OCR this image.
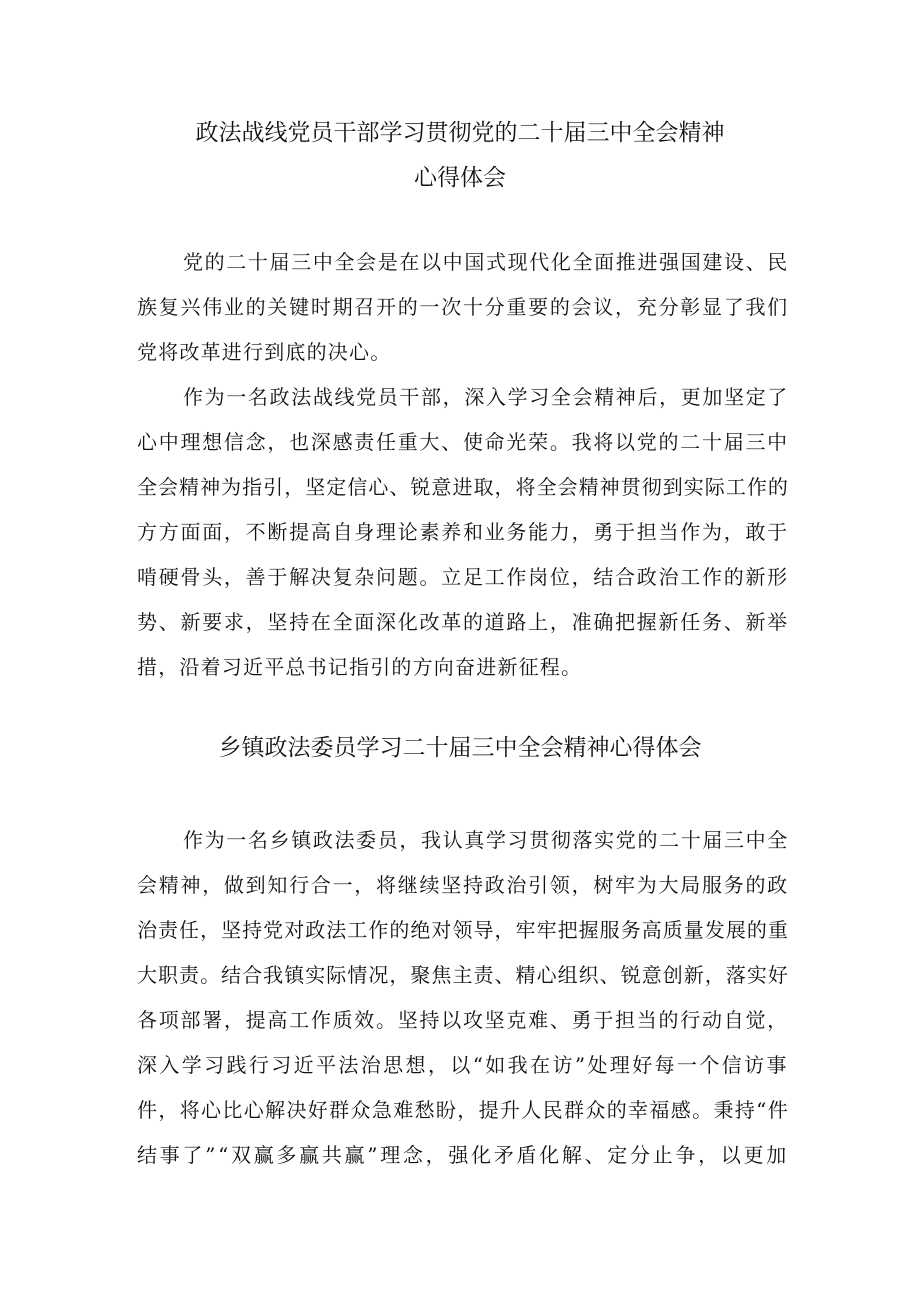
政法战线党员干部学习贯彻党的二十届三中全会精神
心得体会
党的二十届三中全会是在以中国式现代化全面推进强国建设、民
族复兴伟业的关键时期召开的一次十分重要的会议，充分彰显了我们
党将改革进行到底的决心。
作为一名政法战线党员干部，深入学习全会精神后，更加坚定了
心中理想信念，也深感责任重大、使命光荣。我将以党的二十届三中
全会精神为指引，坚定信心、锐意进取，将全会精神贯彻到实际工作的
方方面面，不断提高自身理论素养和业务能力，勇于担当作为，敢于
啃硬骨头，善于解决复杂问题。立足工作岗位，结合政治工作的新形
势、新要求，坚持在全面深化改革的道路上，准确把握新任务、新举
措，沿着习近平总书记指引的方向奋进新征程。
乡镇政法委员学习二十届三中全会精神心得体会
作为一名乡镇政法委员，我认真学习贯彻落实党的二十届三中全
会精神，做到知行合一，将继续坚持政治引领，树牢为大局服务的政
治责任，坚持党对政法工作的绝对领导，牢牢把握服务高质量发展的重
大职责。结合我镇实际情况，聚焦主责、精心组织、锐意创新，落实好
各项部署，提高工作质效。坚持以攻坚克难、勇于担当的行动自觉，
深入学习践行习近平法治思想，以“如我在访”处理好每一个信访事
件，将心比心解决好群众急难愁盼，提升人民群众的幸福感。秉持“件
结事了”“双赢多赢共赢”理念，强化矛盾化解、定分止争，以更加
